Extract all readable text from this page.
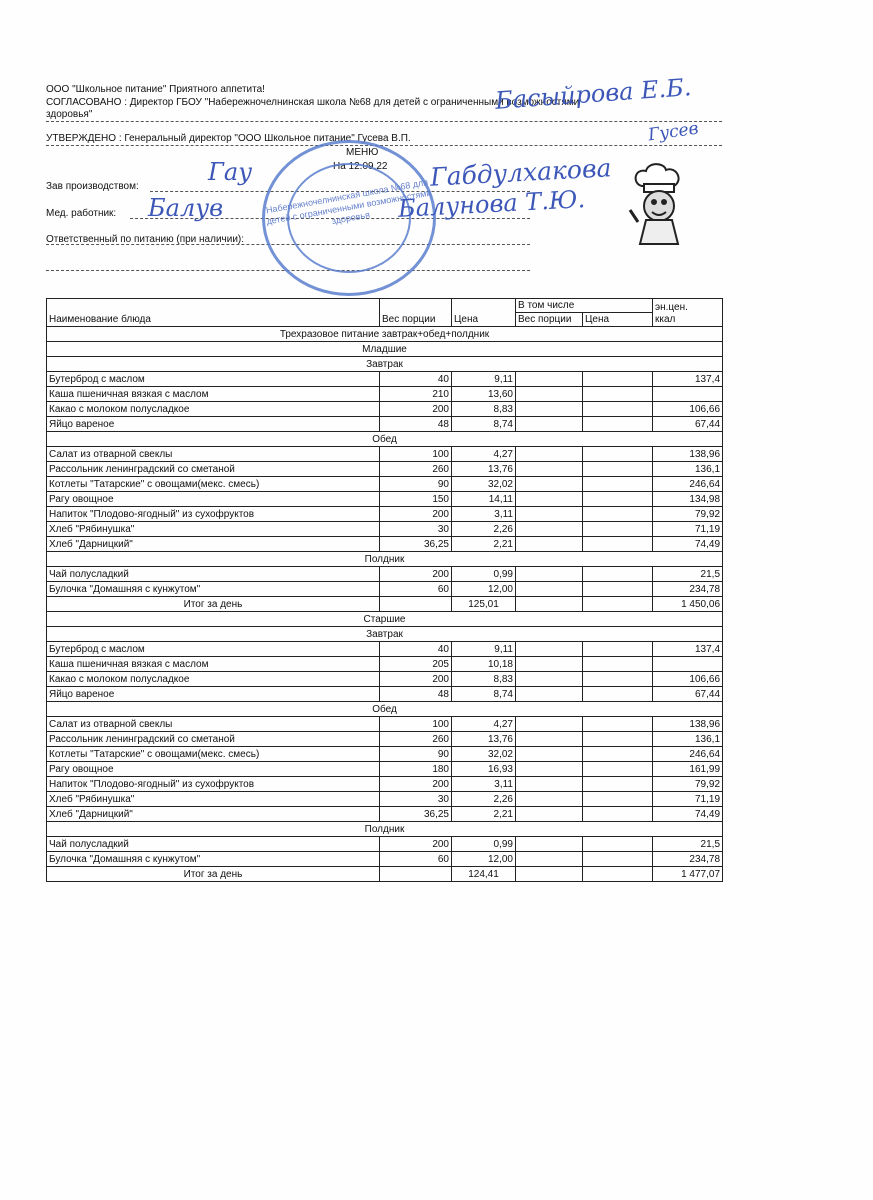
ООО "Школьное питание" Приятного аппетита!
СОГЛАСОВАНО : Директор ГБОУ "Набережночелнинская школа №68 для детей с ограниченными возможностями
здоровья"
УТВЕРЖДЕНО : Генеральный директор "ООО Школьное питание" Гусева В.П.
МЕНЮ
На 12.09.22
Зав производством:
Мед. работник:
Ответственный по питанию (при наличии):
Набережночелнинская школа №68 для детей с ограниченными возможностями здоровья
Басыйрова Е.Б.
Гусев
Гау	Габдулхакова
Балув	Балунова Т.Ю.
Наименование блюда	Вес порции	Цена	В том числе		эн.цен.
ккал
			Вес порции	Цена	
Трехразовое питание завтрак+обед+полдник					
Младшие					
Завтрак					
Бутерброд с маслом	40	9,11			137,4
Каша пшеничная вязкая с маслом	210	13,60			
Какао с молоком полусладкое	200	8,83			106,66
Яйцо вареное	48	8,74			67,44
Обед					
Салат из отварной свеклы	100	4,27			138,96
Рассольник ленинградский со сметаной	260	13,76			136,1
Котлеты "Татарские" с овощами(мекс. смесь)	90	32,02			246,64
Рагу овощное	150	14,11			134,98
Напиток "Плодово-ягодный" из сухофруктов	200	3,11			79,92
Хлеб "Рябинушка"	30	2,26			71,19
Хлеб "Дарницкий"	36,25	2,21			74,49
Полдник					
Чай полусладкий	200	0,99			21,5
Булочка "Домашняя с кунжутом"	60	12,00			234,78
Итог за день		125,01			1 450,06
Старшие					
Завтрак					
Бутерброд с маслом	40	9,11			137,4
Каша пшеничная вязкая с маслом	205	10,18			
Какао с молоком полусладкое	200	8,83			106,66
Яйцо вареное	48	8,74			67,44
Обед					
Салат из отварной свеклы	100	4,27			138,96
Рассольник ленинградский со сметаной	260	13,76			136,1
Котлеты "Татарские" с овощами(мекс. смесь)	90	32,02			246,64
Рагу овощное	180	16,93			161,99
Напиток "Плодово-ягодный" из сухофруктов	200	3,11			79,92
Хлеб "Рябинушка"	30	2,26			71,19
Хлеб "Дарницкий"	36,25	2,21			74,49
Полдник					
Чай полусладкий	200	0,99			21,5
Булочка "Домашняя с кунжутом"	60	12,00			234,78
Итог за день		124,41			1 477,07
